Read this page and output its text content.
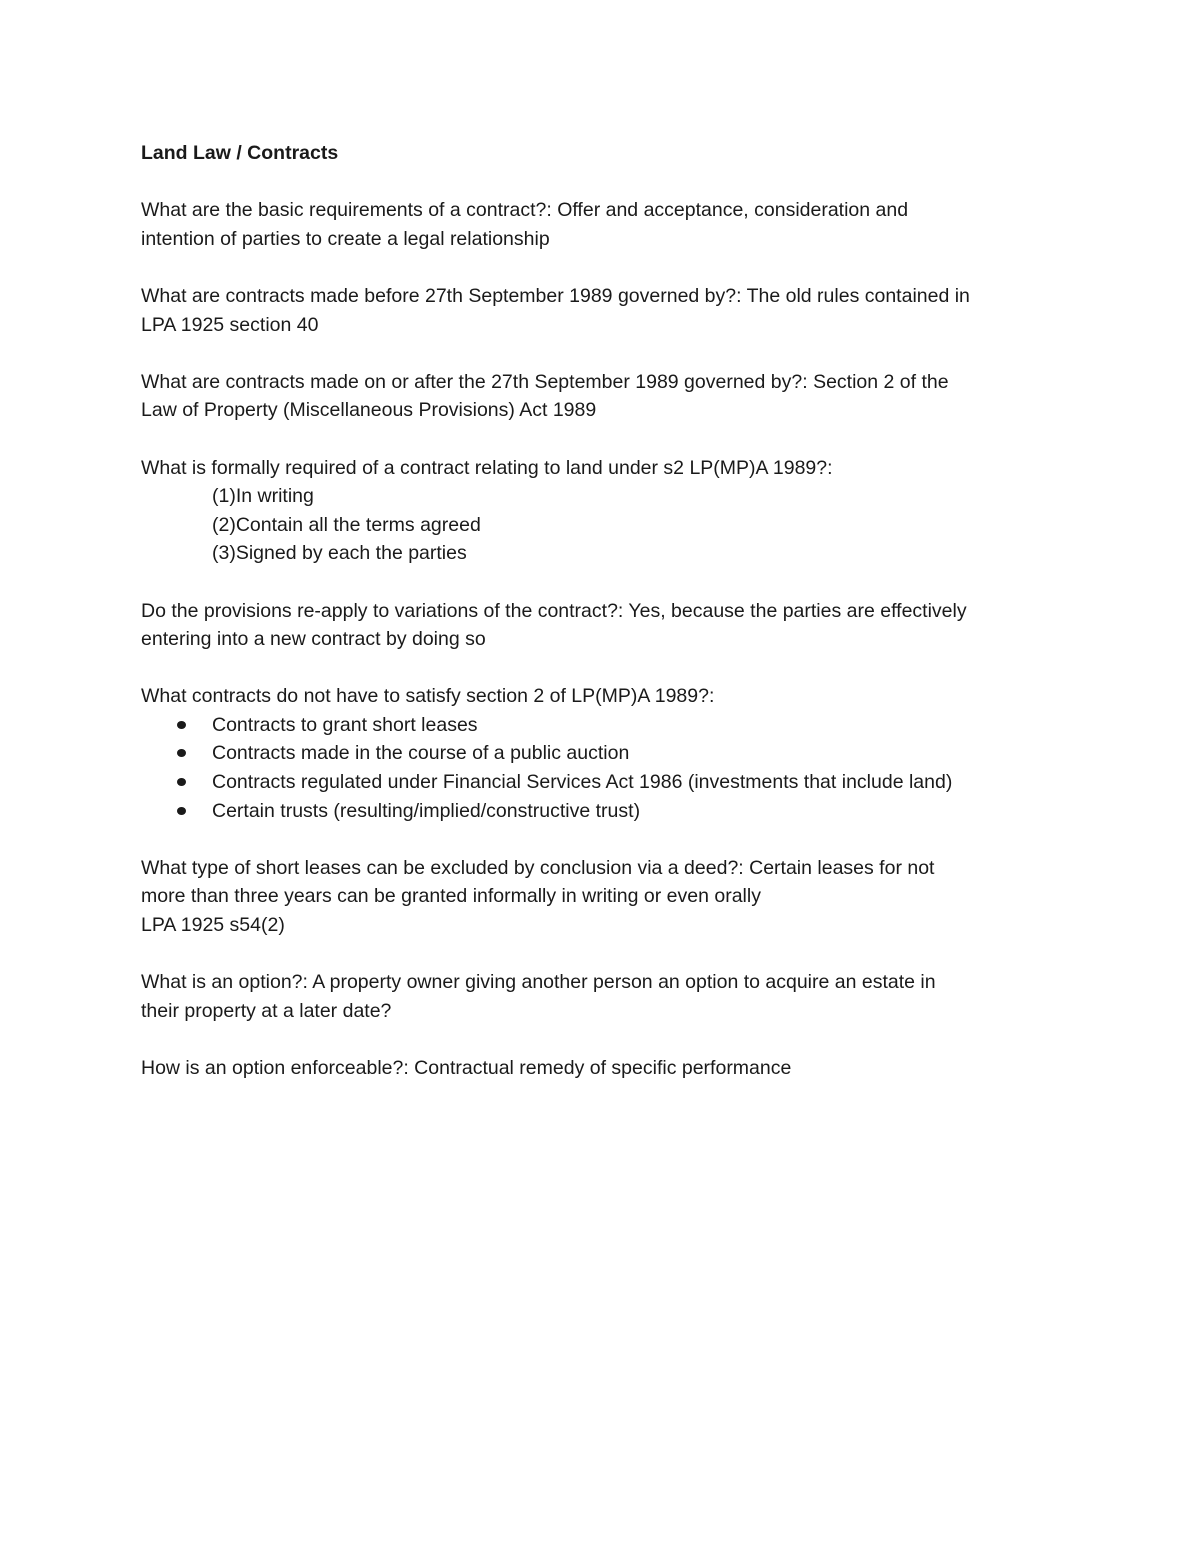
Land Law / Contracts

What are the basic requirements of a contract?: Offer and acceptance, consideration and

intention of parties to create a legal relationship

What are contracts made before 27th September 1989 governed by?: The old rules contained in

LPA 1925 section 40

What are contracts made on or after the 27th September 1989 governed by?: Section 2 of the

Law of Property (Miscellaneous Provisions) Act 1989

What is formally required of a contract relating to land under s2 LP(MP)A 1989?:

(1)In writing

(2)Contain all the terms agreed

(3)Signed by each the parties

Do the provisions re-apply to variations of the contract?: Yes, because the parties are effectively

entering into a new contract by doing so

What contracts do not have to satisfy section 2 of LP(MP)A 1989?:

Contracts to grant short leases
Contracts made in the course of a public auction
Contracts regulated under Financial Services Act 1986 (investments that include land)
Certain trusts (resulting/implied/constructive trust)

What type of short leases can be excluded by conclusion via a deed?: Certain leases for not

more than three years can be granted informally in writing or even orally

LPA 1925 s54(2)

What is an option?: A property owner giving another person an option to acquire an estate in

their property at a later date?

How is an option enforceable?: Contractual remedy of specific performance
